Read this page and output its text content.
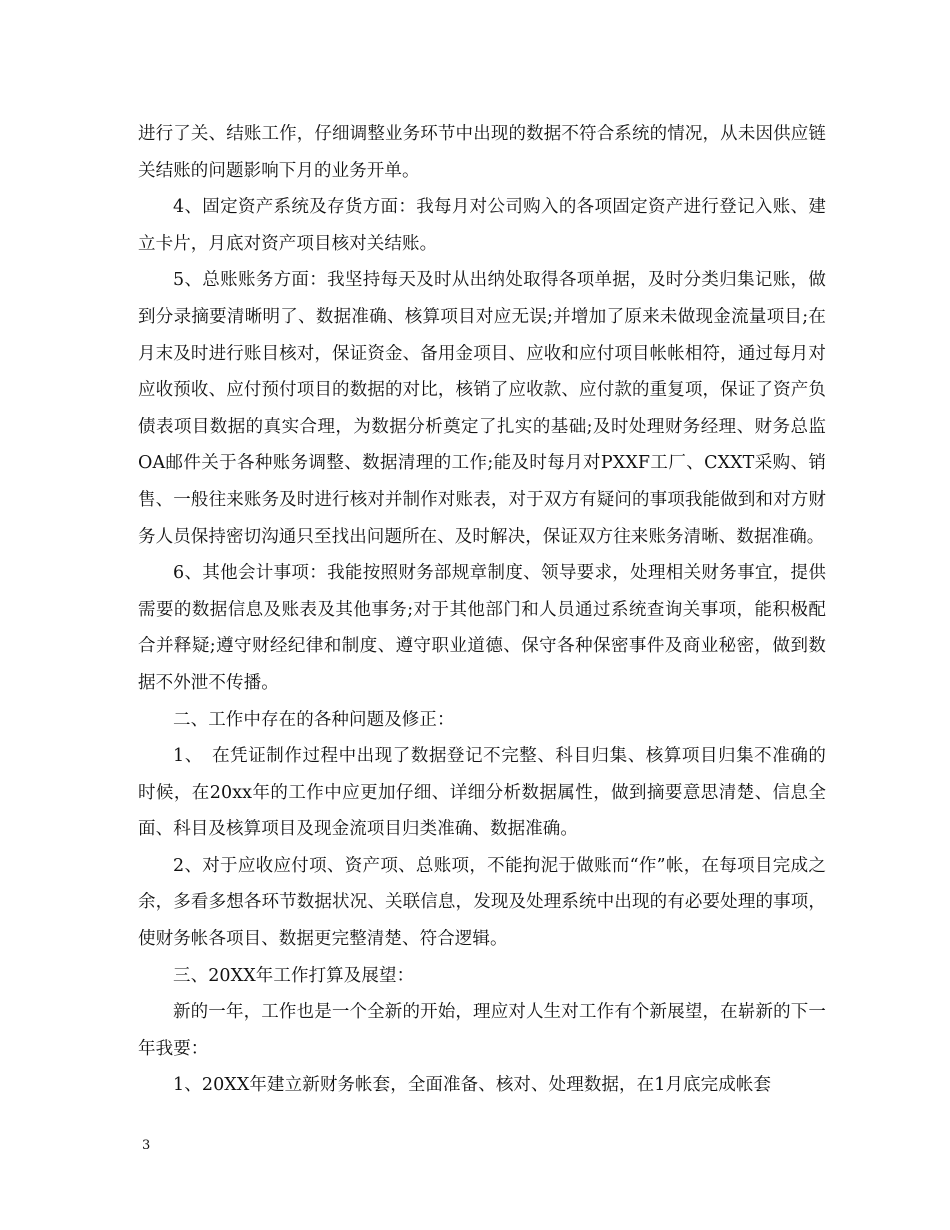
进行了关、结账工作，仔细调整业务环节中出现的数据不符合系统的情况，从未因供应链关结账的问题影响下月的业务开单。

4、固定资产系统及存货方面：我每月对公司购入的各项固定资产进行登记入账、建立卡片，月底对资产项目核对关结账。

5、总账账务方面：我坚持每天及时从出纳处取得各项单据，及时分类归集记账，做到分录摘要清晰明了、数据准确、核算项目对应无误;并增加了原来未做现金流量项目;在月末及时进行账目核对，保证资金、备用金项目、应收和应付项目帐帐相符，通过每月对应收预收、应付预付项目的数据的对比，核销了应收款、应付款的重复项，保证了资产负债表项目数据的真实合理，为数据分析奠定了扎实的基础;及时处理财务经理、财务总监OA邮件关于各种账务调整、数据清理的工作;能及时每月对PXXF工厂、CXXT采购、销售、一般往来账务及时进行核对并制作对账表，对于双方有疑问的事项我能做到和对方财务人员保持密切沟通只至找出问题所在、及时解决，保证双方往来账务清晰、数据准确。

6、其他会计事项：我能按照财务部规章制度、领导要求，处理相关财务事宜，提供需要的数据信息及账表及其他事务;对于其他部门和人员通过系统查询关事项，能积极配合并释疑;遵守财经纪律和制度、遵守职业道德、保守各种保密事件及商业秘密，做到数据不外泄不传播。

二、工作中存在的各种问题及修正：

1、　在凭证制作过程中出现了数据登记不完整、科目归集、核算项目归集不准确的时候，在20xx年的工作中应更加仔细、详细分析数据属性，做到摘要意思清楚、信息全面、科目及核算项目及现金流项目归类准确、数据准确。

2、对于应收应付项、资产项、总账项，不能拘泥于做账而“作”帐，在每项目完成之余，多看多想各环节数据状况、关联信息，发现及处理系统中出现的有必要处理的事项，使财务帐各项目、数据更完整清楚、符合逻辑。

三、20XX年工作打算及展望：

新的一年，工作也是一个全新的开始，理应对人生对工作有个新展望，在崭新的下一年我要：

1、20XX年建立新财务帐套，全面准备、核对、处理数据，在1月底完成帐套

3
